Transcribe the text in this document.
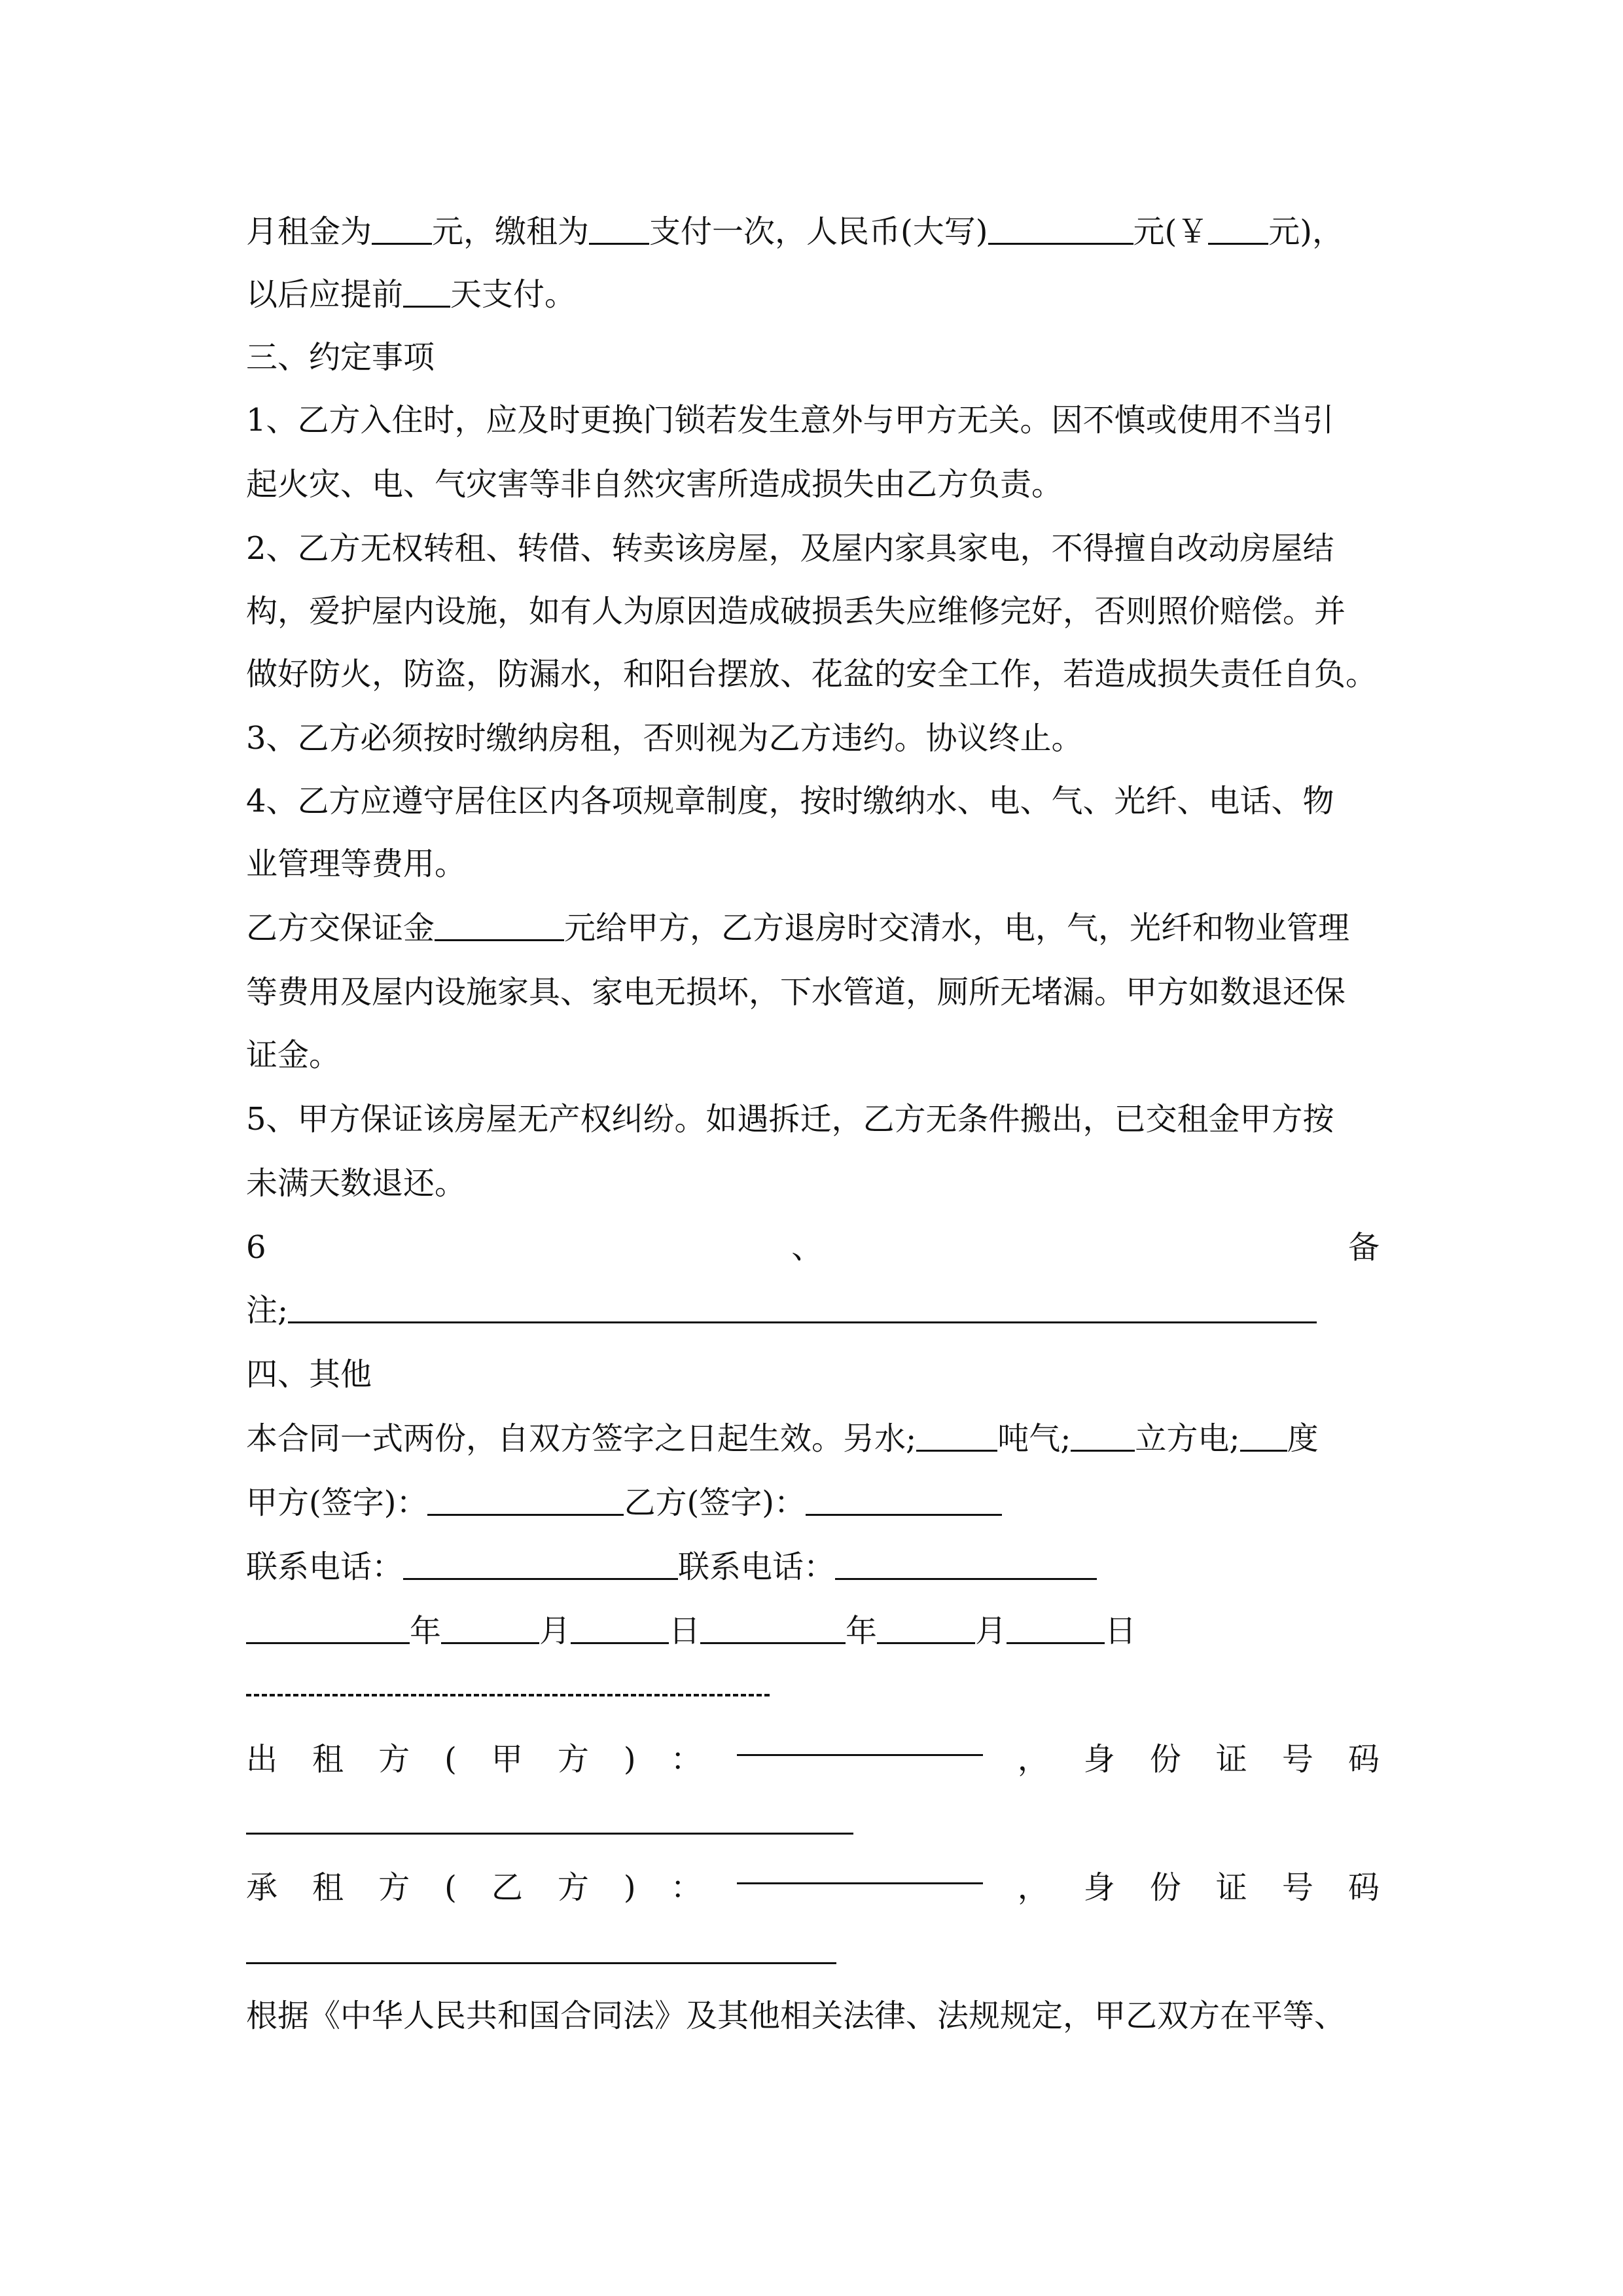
月租金为 元，缴租为 支付一次，人民币(大写)	元(￥ 元)，
以后应提前 天支付。
三、约定事项
1、乙方入住时，应及时更换门锁若发生意外与甲方无关。因不慎或使用不当引
起火灾、电、气灾害等非自然灾害所造成损失由乙方负责。
2、乙方无权转租、转借、转卖该房屋，及屋内家具家电，不得擅自改动房屋结
构，爱护屋内设施，如有人为原因造成破损丢失应维修完好，否则照价赔偿。并
做好防火，防盗，防漏水，和阳台摆放、花盆的安全工作，若造成损失责任自负。
3、乙方必须按时缴纳房租，否则视为乙方违约。协议终止。
4、乙方应遵守居住区内各项规章制度，按时缴纳水、电、气、光纤、电话、物
业管理等费用。
乙方交保证金	元给甲方，乙方退房时交清水，电，气，光纤和物业管理
等费用及屋内设施家具、家电无损坏，下水管道，厕所无堵漏。甲方如数退还保
证金。
5、甲方保证该房屋无产权纠纷。如遇拆迁，乙方无条件搬出，已交租金甲方按
未满天数退还。
6	、	备
注;
四、其他
本合同一式两份，自双方签字之日起生效。另水;	吨气; 立方电; 度
甲方(签字)：	乙方(签字)：
联系电话：	联系电话：
年	月	日	年	月	日
出 租 方 ( 甲 方 ) ：	， 身 份 证 号 码
承 租 方 ( 乙 方 ) ：	， 身 份 证 号 码
根据《中华人民共和国合同法》及其他相关法律、法规规定，甲乙双方在平等、
